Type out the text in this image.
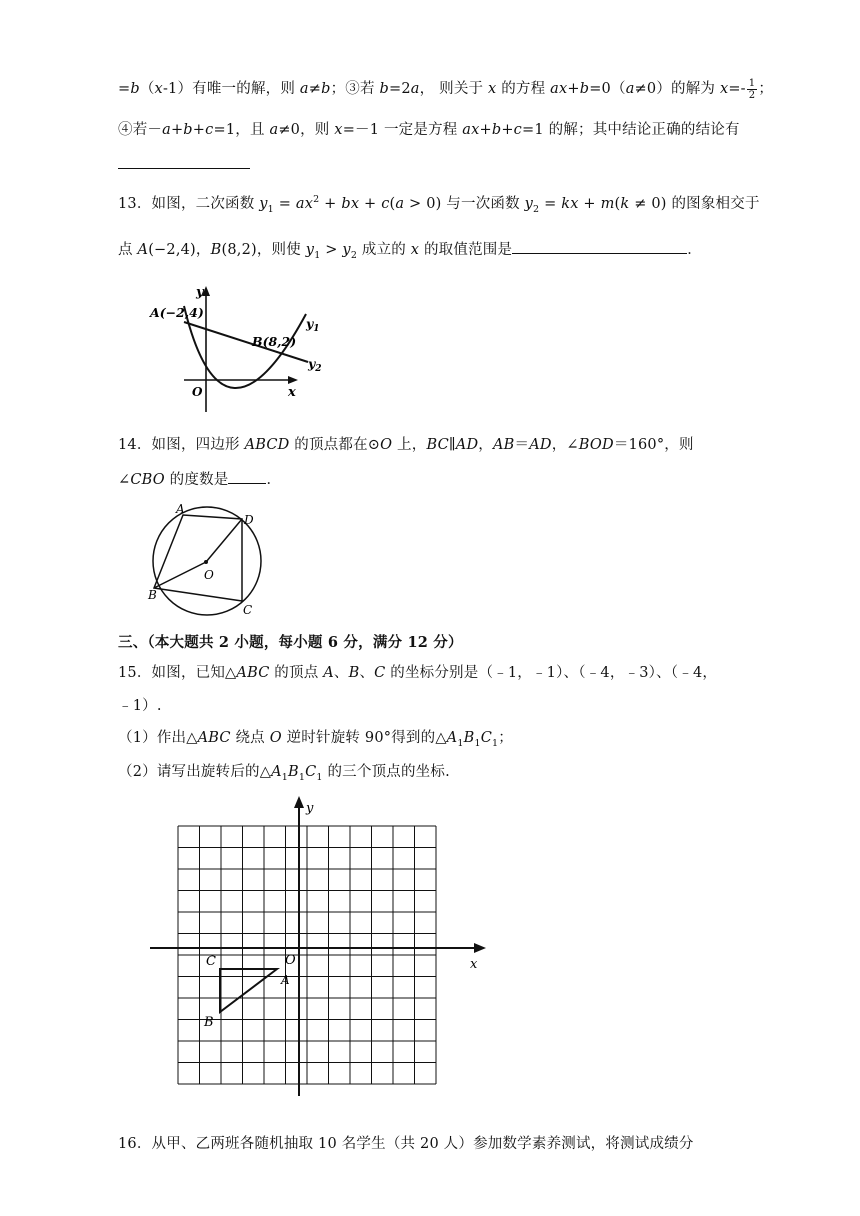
=b（x-1）有唯一的解，则 a≠b；③若 b=2a， 则关于 x 的方程 ax+b=0（a≠0）的解为 $x=- \frac{1}{2}$ ；
④若－a+b+c=1，且 a≠0，则 x=－1 一定是方程 ax+b+c=1 的解；其中结论正确的结论有
13．如图，二次函数 $y_1 = ax^2$ + bx + c(a > 0) 与一次函数 $y_2$ = kx + m(k ≠ 0) 的图象相交于
点 A(−2,4)，B(8,2)，则使 $y_1 > y_2$ 成立的 x 的取值范围是	．
y
x
O
A(−2,4)
B(8,2)
$y_1$
$y_2$
14．如图，四边形 ABCD 的顶点都在⊙O 上，BC∥AD，AB＝AD，∠BOD＝160°，则
∠CBO 的度数是	．
A
D
B
C
O
三、（本大题共 2 小题，每小题 6 分，满分 12 分）
15．如图，已知△ABC 的顶点 A、B、C 的坐标分别是（﹣1，﹣1）、（﹣4，﹣3）、（﹣4，
﹣1）.
（1）作出△ABC 绕点 O 逆时针旋转 90°得到的$\triangle A_1B_1C_1$；
（2）请写出旋转后的$\triangle A_1B_1C_1$ 的三个顶点的坐标.
y
x
O
A
B
C
16．从甲、乙两班各随机抽取 10 名学生（共 20 人）参加数学素养测试，将测试成绩分
